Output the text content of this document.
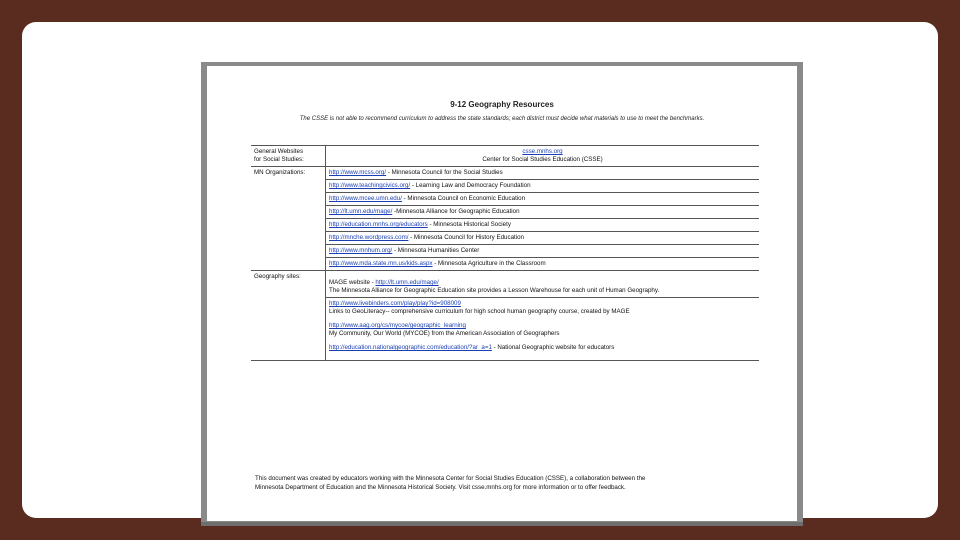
9-12 Geography Resources
The CSSE is not able to recommend curriculum to address the state standards; each district must decide what materials to use to meet the benchmarks.
General Websites
for Social Studies:	csse.mnhs.org
Center for Social Studies Education (CSSE)

MN Organizations:	http://www.mcss.org/ - Minnesota Council for the Social Studies
	http://www.teachingcivics.org/ - Learning Law and Democracy Foundation
	http://www.mcee.umn.edu/ - Minnesota Council on Economic Education
	http://lt.umn.edu/mage/ -Minnesota Alliance for Geographic Education
	http://education.mnhs.org/educators - Minnesota Historical Society
	http://mnche.wordpress.com/ - Minnesota Council for History Education
	http://www.mnhum.org/ - Minnesota Humanities Center
	http://www.mda.state.mn.us/kids.aspx - Minnesota Agriculture in the Classroom
Geography sites:	MAGE website - http://lt.umn.edu/mage/
The Minnesota Alliance for Geographic Education site provides a Lesson Warehouse for each unit of Human Geography.

	http://www.livebinders.com/play/play?id=908009
Links to GeoLiteracy-- comprehensive curriculum for high school human geography course, created by MAGE
http://www.aag.org/cs/mycoe/geographic_learning
My Community, Our World (MYCOE) from the American Association of Geographers
http://education.nationalgeographic.com/education/?ar_a=1 - National Geographic website for educators
This document was created by educators working with the Minnesota Center for Social Studies Education (CSSE), a collaboration between the
Minnesota Department of Education and the Minnesota Historical Society. Visit csse.mnhs.org for more information or to offer feedback.
